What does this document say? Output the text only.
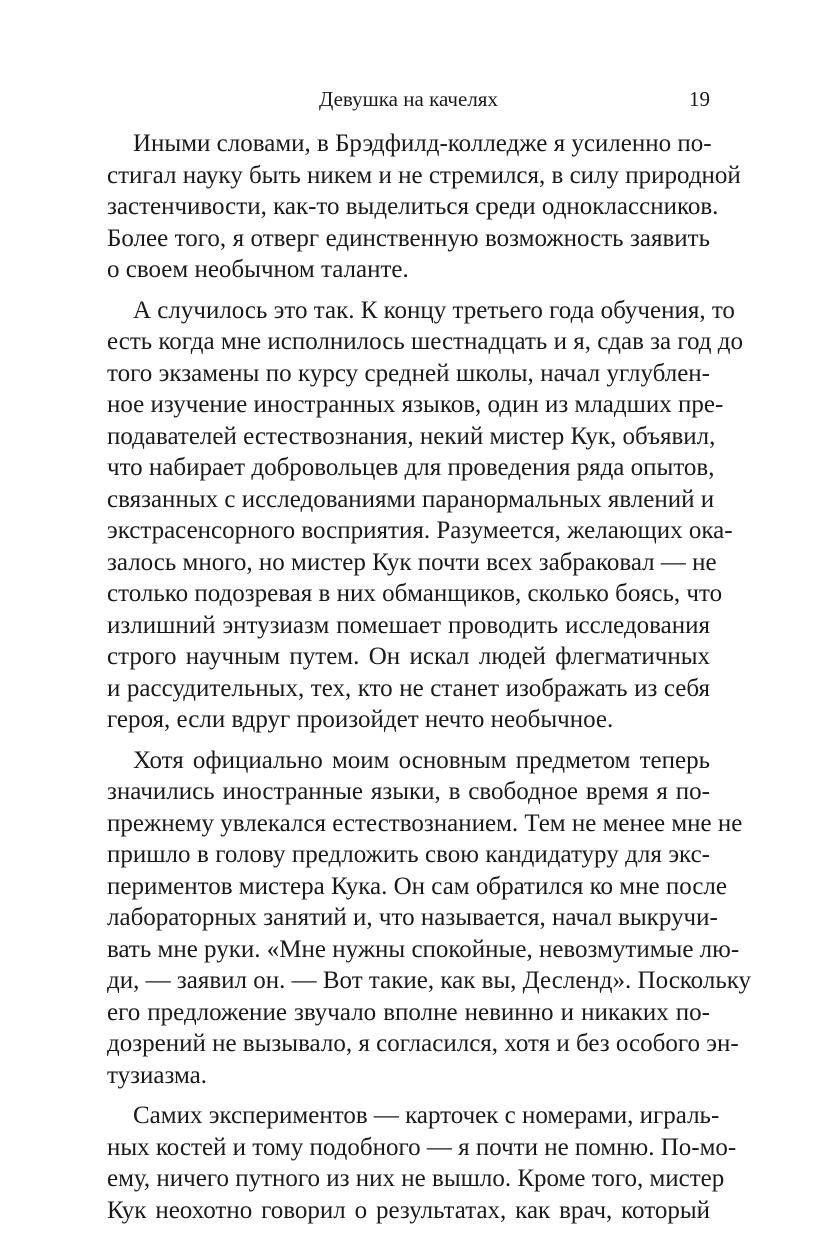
Девушка на качелях	19
Иными словами, в Брэдфилд-колледже я усиленно по-
стигал науку быть никем и не стремился, в силу природной
застенчивости, как-то выделиться среди одноклассников.
Более того, я отверг единственную возможность заявить
о своем необычном таланте.
А случилось это так. К концу третьего года обучения, то
есть когда мне исполнилось шестнадцать и я, сдав за год до
того экзамены по курсу средней школы, начал углублен-
ное изучение иностранных языков, один из младших пре-
подавателей естествознания, некий мистер Кук, объявил,
что набирает добровольцев для проведения ряда опытов,
связанных с исследованиями паранормальных явлений и
экстрасенсорного восприятия. Разумеется, желающих ока-
залось много, но мистер Кук почти всех забраковал — не
столько подозревая в них обманщиков, сколько боясь, что
излишний энтузиазм помешает проводить исследования
строго научным путем. Он искал людей флегматичных
и рассудительных, тех, кто не станет изображать из себя
героя, если вдруг произойдет нечто необычное.
Хотя официально моим основным предметом теперь
значились иностранные языки, в свободное время я по-
прежнему увлекался естествознанием. Тем не менее мне не
пришло в голову предложить свою кандидатуру для экс-
периментов мистера Кука. Он сам обратился ко мне после
лабораторных занятий и, что называется, начал выкручи-
вать мне руки. «Мне нужны спокойные, невозмутимые лю-
ди, — заявил он. — Вот такие, как вы, Десленд». Поскольку
его предложение звучало вполне невинно и никаких по-
дозрений не вызывало, я согласился, хотя и без особого эн-
тузиазма.
Самих экспериментов — карточек с номерами, играль-
ных костей и тому подобного — я почти не помню. По-мо-
ему, ничего путного из них не вышло. Кроме того, мистер
Кук неохотно говорил о результатах, как врач, который
